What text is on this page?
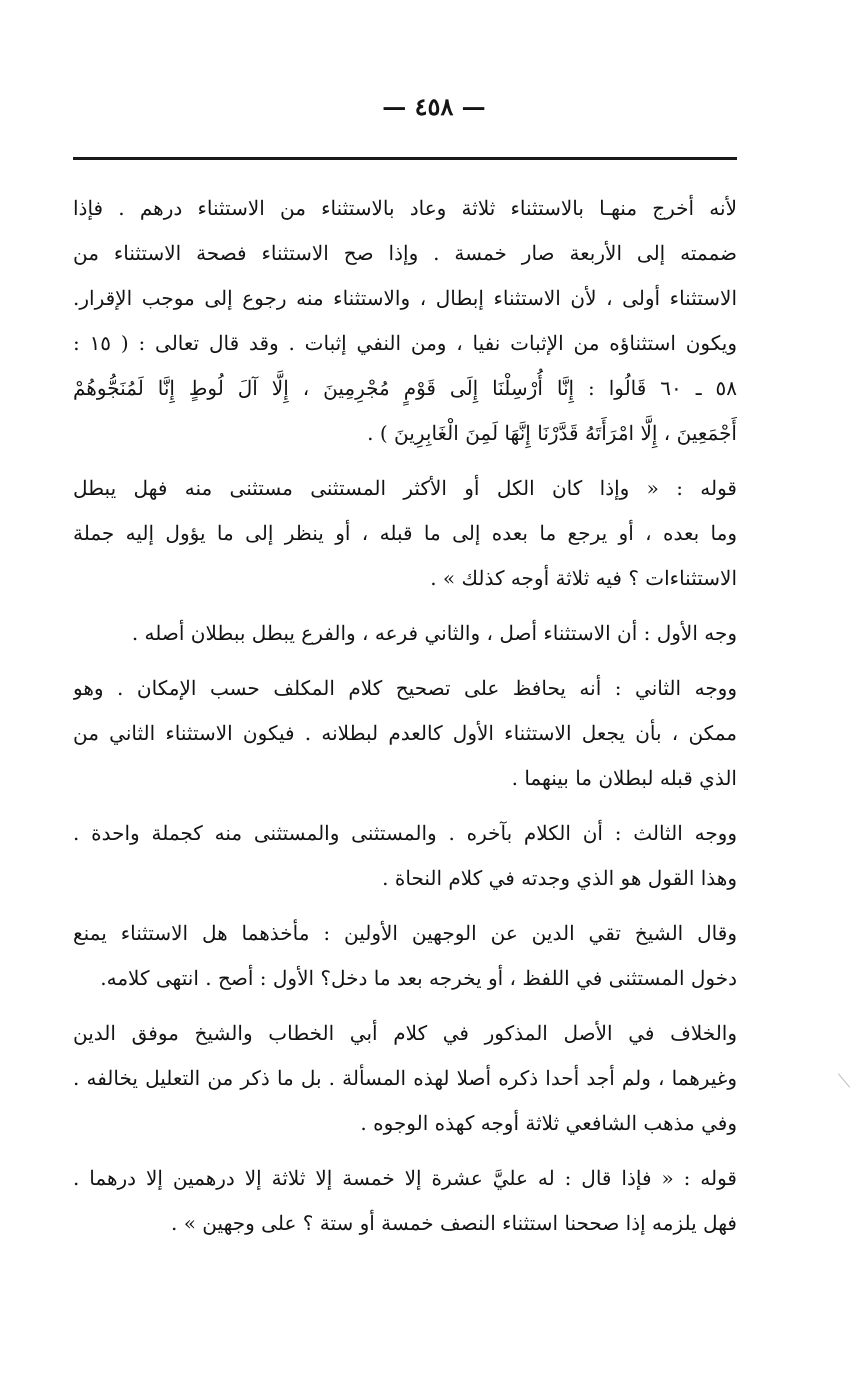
— ٤٥٨ —
لأنه أخرج منهـا بالاستثناء ثلاثة وعاد بالاستثناء من الاستثناء درهم . فإذا
ضممته إلى الأربعة صار خمسة . وإذا صح الاستثناء فصحة الاستثناء من
الاستثناء أولى ، لأن الاستثناء إبطال ، والاستثناء منه رجوع إلى موجب الإقرار.
ويكون استثناؤه من الإثبات نفيا ، ومن النفي إثبات . وقد قال تعالى : ( ١٥ :
٥٨ ـ ٦٠ قَالُوا : إِنَّا أُرْسِلْنَا إِلَى قَوْمٍ مُجْرِمِينَ ، إِلَّا آلَ لُوطٍ إِنَّا لَمُنَجُّوهُمْ
أَجْمَعِينَ ، إِلَّا امْرَأَتَهُ قَدَّرْنَا إِنَّهَا لَمِنَ الْغَابِرِينَ ) .
قوله : « وإذا كان الكل أو الأكثر المستثنى مستثنى منه فهل يبطل
وما بعده ، أو يرجع ما بعده إلى ما قبله ، أو ينظر إلى ما يؤول إليه جملة
الاستثناءات ؟ فيه ثلاثة أوجه كذلك » .
وجه الأول : أن الاستثناء أصل ، والثاني فرعه ، والفرع يبطل ببطلان أصله .
ووجه الثاني : أنه يحافظ على تصحيح كلام المكلف حسب الإمكان . وهو
ممكن ، بأن يجعل الاستثناء الأول كالعدم لبطلانه . فيكون الاستثناء الثاني من
الذي قبله لبطلان ما بينهما .
ووجه الثالث : أن الكلام بآخره . والمستثنى والمستثنى منه كجملة واحدة .
وهذا القول هو الذي وجدته في كلام النحاة .
وقال الشيخ تقي الدين عن الوجهين الأولين : مأخذهما هل الاستثناء يمنع
دخول المستثنى في اللفظ ، أو يخرجه بعد ما دخل؟ الأول : أصح . انتهى كلامه.
والخلاف في الأصل المذكور في كلام أبي الخطاب والشيخ موفق الدين
وغيرهما ، ولم أجد أحدا ذكره أصلا لهذه المسألة . بل ما ذكر من التعليل يخالفه .
وفي مذهب الشافعي ثلاثة أوجه كهذه الوجوه .
قوله : « فإذا قال : له عليَّ عشرة إلا خمسة إلا ثلاثة إلا درهمين إلا درهما .
فهل يلزمه إذا صححنا استثناء النصف خمسة أو ستة ؟ على وجهين » .
